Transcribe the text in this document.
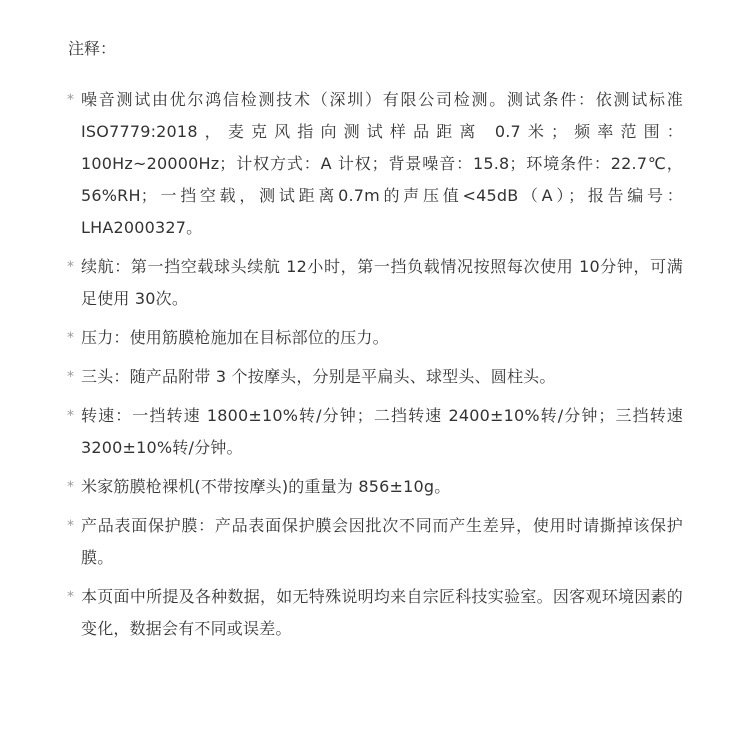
注释：
* 噪音测试由优尔鸿信检测技术（深圳）有限公司检测。测试条件：依测试标准ISO7779:2018，麦克风指向测试样品距离 0.7米；频率范围：100Hz~20000Hz；计权方式：A 计权；背景噪音：15.8；环境条件：22.7℃，56%RH；一挡空载，测试距离0.7m的声压值<45dB（A）；报告编号：LHA2000327。
* 续航：第一挡空载球头续航 12小时，第一挡负载情况按照每次使用 10分钟，可满足使用 30次。
* 压力：使用筋膜枪施加在目标部位的压力。
* 三头：随产品附带 3 个按摩头，分别是平扁头、球型头、圆柱头。
* 转速：一挡转速 1800±10%转/分钟；二挡转速 2400±10%转/分钟；三挡转速 3200±10%转/分钟。
* 米家筋膜枪裸机(不带按摩头)的重量为 856±10g。
* 产品表面保护膜：产品表面保护膜会因批次不同而产生差异，使用时请撕掉该保护膜。
* 本页面中所提及各种数据，如无特殊说明均来自宗匠科技实验室。因客观环境因素的变化，数据会有不同或误差。
